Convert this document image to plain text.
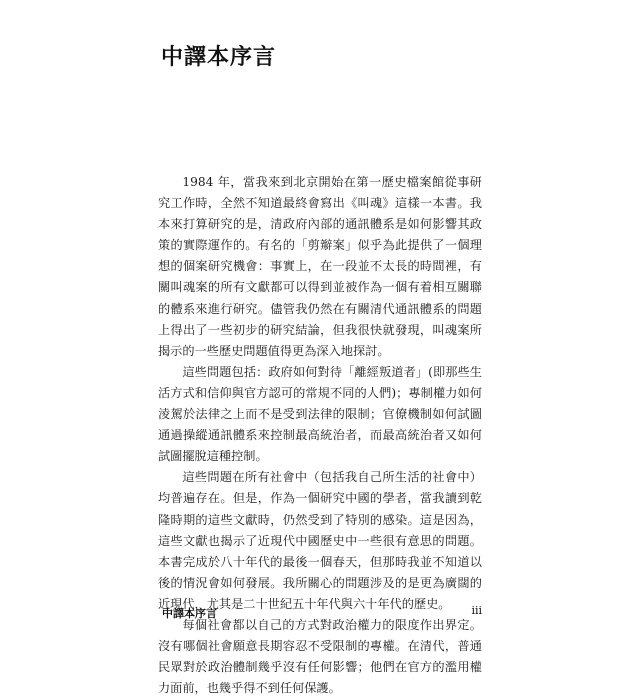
中譯本序言

1984 年，當我來到北京開始在第一歷史檔案館從事研究工作時，全然不知道最終會寫出《叫魂》這樣一本書。我本來打算研究的是，清政府內部的通訊體系是如何影響其政策的實際運作的。有名的「剪辮案」似乎為此提供了一個理想的個案研究機會：事實上，在一段並不太長的時間裡，有關叫魂案的所有文獻都可以得到並被作為一個有着相互關聯的體系來進行研究。儘管我仍然在有關清代通訊體系的問題上得出了一些初步的研究結論，但我很快就發現，叫魂案所揭示的一些歷史問題值得更為深入地探討。

這些問題包括：政府如何對待「離經叛道者」(即那些生活方式和信仰與官方認可的常規不同的人們)；專制權力如何淩駕於法律之上而不是受到法律的限制；官僚機制如何試圖通過操縱通訊體系來控制最高統治者，而最高統治者又如何試圖擺脫這種控制。

這些問題在所有社會中（包括我自己所生活的社會中）均普遍存在。但是，作為一個研究中國的學者，當我讀到乾隆時期的這些文獻時，仍然受到了特別的感染。這是因為，這些文獻也揭示了近現代中國歷史中一些很有意思的問題。本書完成於八十年代的最後一個春天，但那時我並不知道以後的情況會如何發展。我所關心的問題涉及的是更為廣闊的近現代，尤其是二十世紀五十年代與六十年代的歷史。

每個社會都以自己的方式對政治權力的限度作出界定。沒有哪個社會願意長期容忍不受限制的專權。在清代，普通民眾對於政治體制幾乎沒有任何影響；他們在官方的濫用權力面前，也幾乎得不到任何保護。

中譯本序言	iii
